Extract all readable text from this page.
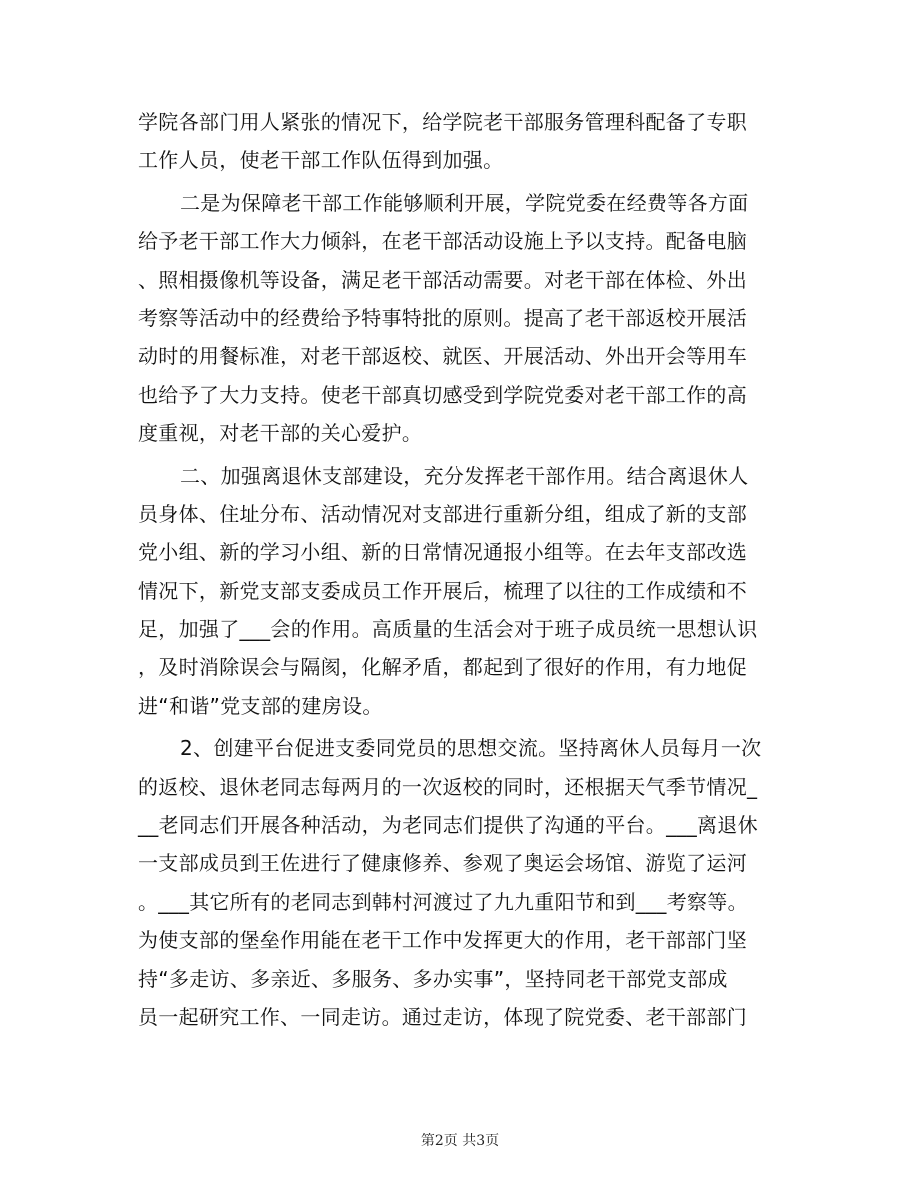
学院各部门用人紧张的情况下，给学院老干部服务管理科配备了专职
工作人员，使老干部工作队伍得到加强。
二是为保障老干部工作能够顺利开展，学院党委在经费等各方面
给予老干部工作大力倾斜，在老干部活动设施上予以支持。配备电脑
、照相摄像机等设备，满足老干部活动需要。对老干部在体检、外出
考察等活动中的经费给予特事特批的原则。提高了老干部返校开展活
动时的用餐标准，对老干部返校、就医、开展活动、外出开会等用车
也给予了大力支持。使老干部真切感受到学院党委对老干部工作的高
度重视，对老干部的关心爱护。
二、加强离退休支部建设，充分发挥老干部作用。结合离退休人
员身体、住址分布、活动情况对支部进行重新分组，组成了新的支部
党小组、新的学习小组、新的日常情况通报小组等。在去年支部改选
情况下，新党支部支委成员工作开展后，梳理了以往的工作成绩和不
足，加强了___会的作用。高质量的生活会对于班子成员统一思想认识
，及时消除误会与隔阂，化解矛盾，都起到了很好的作用，有力地促
进“和谐”党支部的建房设。
2、创建平台促进支委同党员的思想交流。坚持离休人员每月一次
的返校、退休老同志每两月的一次返校的同时，还根据天气季节情况_
__老同志们开展各种活动，为老同志们提供了沟通的平台。___离退休
一支部成员到王佐进行了健康修养、参观了奥运会场馆、游览了运河
。___其它所有的老同志到韩村河渡过了九九重阳节和到___考察等。
为使支部的堡垒作用能在老干工作中发挥更大的作用，老干部部门坚
持“多走访、多亲近、多服务、多办实事”，坚持同老干部党支部成
员一起研究工作、一同走访。通过走访，体现了院党委、老干部部门
第2页 共3页
